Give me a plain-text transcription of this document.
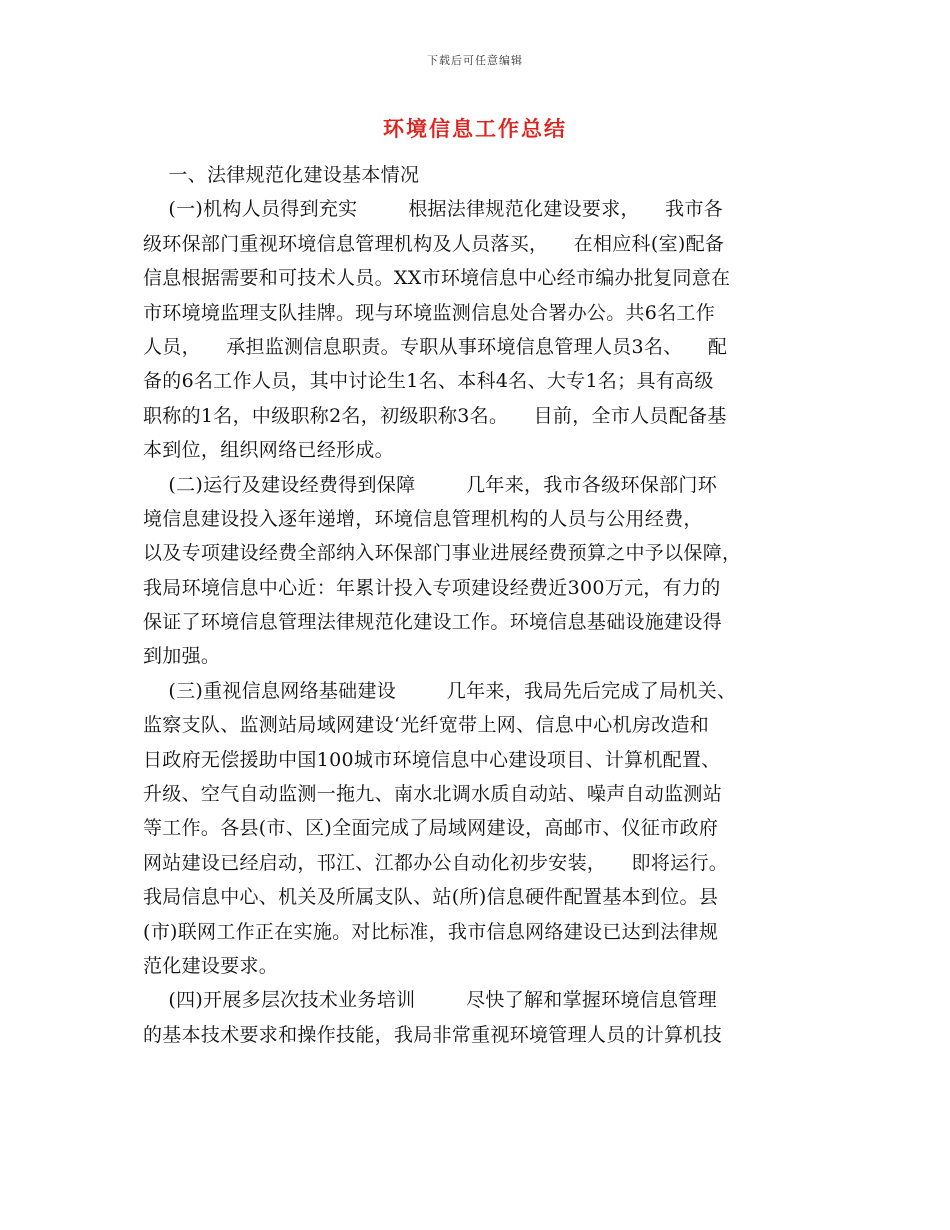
下载后可任意编辑
环境信息工作总结
一、法律规范化建设基本情况
(一)机构人员得到充实        根据法律规范化建设要求，    我市各
级环保部门重视环境信息管理机构及人员落买，    在相应科(室)配备
信息根据需要和可技术人员。XX市环境信息中心经市编办批复同意在
市环境境监理支队挂牌。现与环境监测信息处合署办公。共6名工作
人员，    承担监测信息职责。专职从事环境信息管理人员3名、    配
备的6名工作人员，其中讨论生1名、本科4名、大专1名；具有高级
职称的1名，中级职称2名，初级职称3名。    目前，全市人员配备基
本到位，组织网络已经形成。
(二)运行及建设经费得到保障        几年来，我市各级环保部门环
境信息建设投入逐年递增，环境信息管理机构的人员与公用经费，
以及专项建设经费全部纳入环保部门事业进展经费预算之中予以保障，
我局环境信息中心近：年累计投入专项建设经费近300万元，有力的
保证了环境信息管理法律规范化建设工作。环境信息基础设施建设得
到加强。
(三)重视信息网络基础建设        几年来，我局先后完成了局机关、
监察支队、监测站局域网建设‘光纤宽带上网、信息中心机房改造和
日政府无偿援助中国100城市环境信息中心建设项目、计算机配置、
升级、空气自动监测一拖九、南水北调水质自动站、噪声自动监测站
等工作。各县(市、区)全面完成了局域网建设，高邮市、仪征市政府
网站建设已经启动，邗江、江都办公自动化初步安装，    即将运行。
我局信息中心、机关及所属支队、站(所)信息硬件配置基本到位。县
(市)联网工作正在实施。对比标准，我市信息网络建设已达到法律规
范化建设要求。
(四)开展多层次技术业务培训        尽快了解和掌握环境信息管理
的基本技术要求和操作技能，我局非常重视环境管理人员的计算机技
